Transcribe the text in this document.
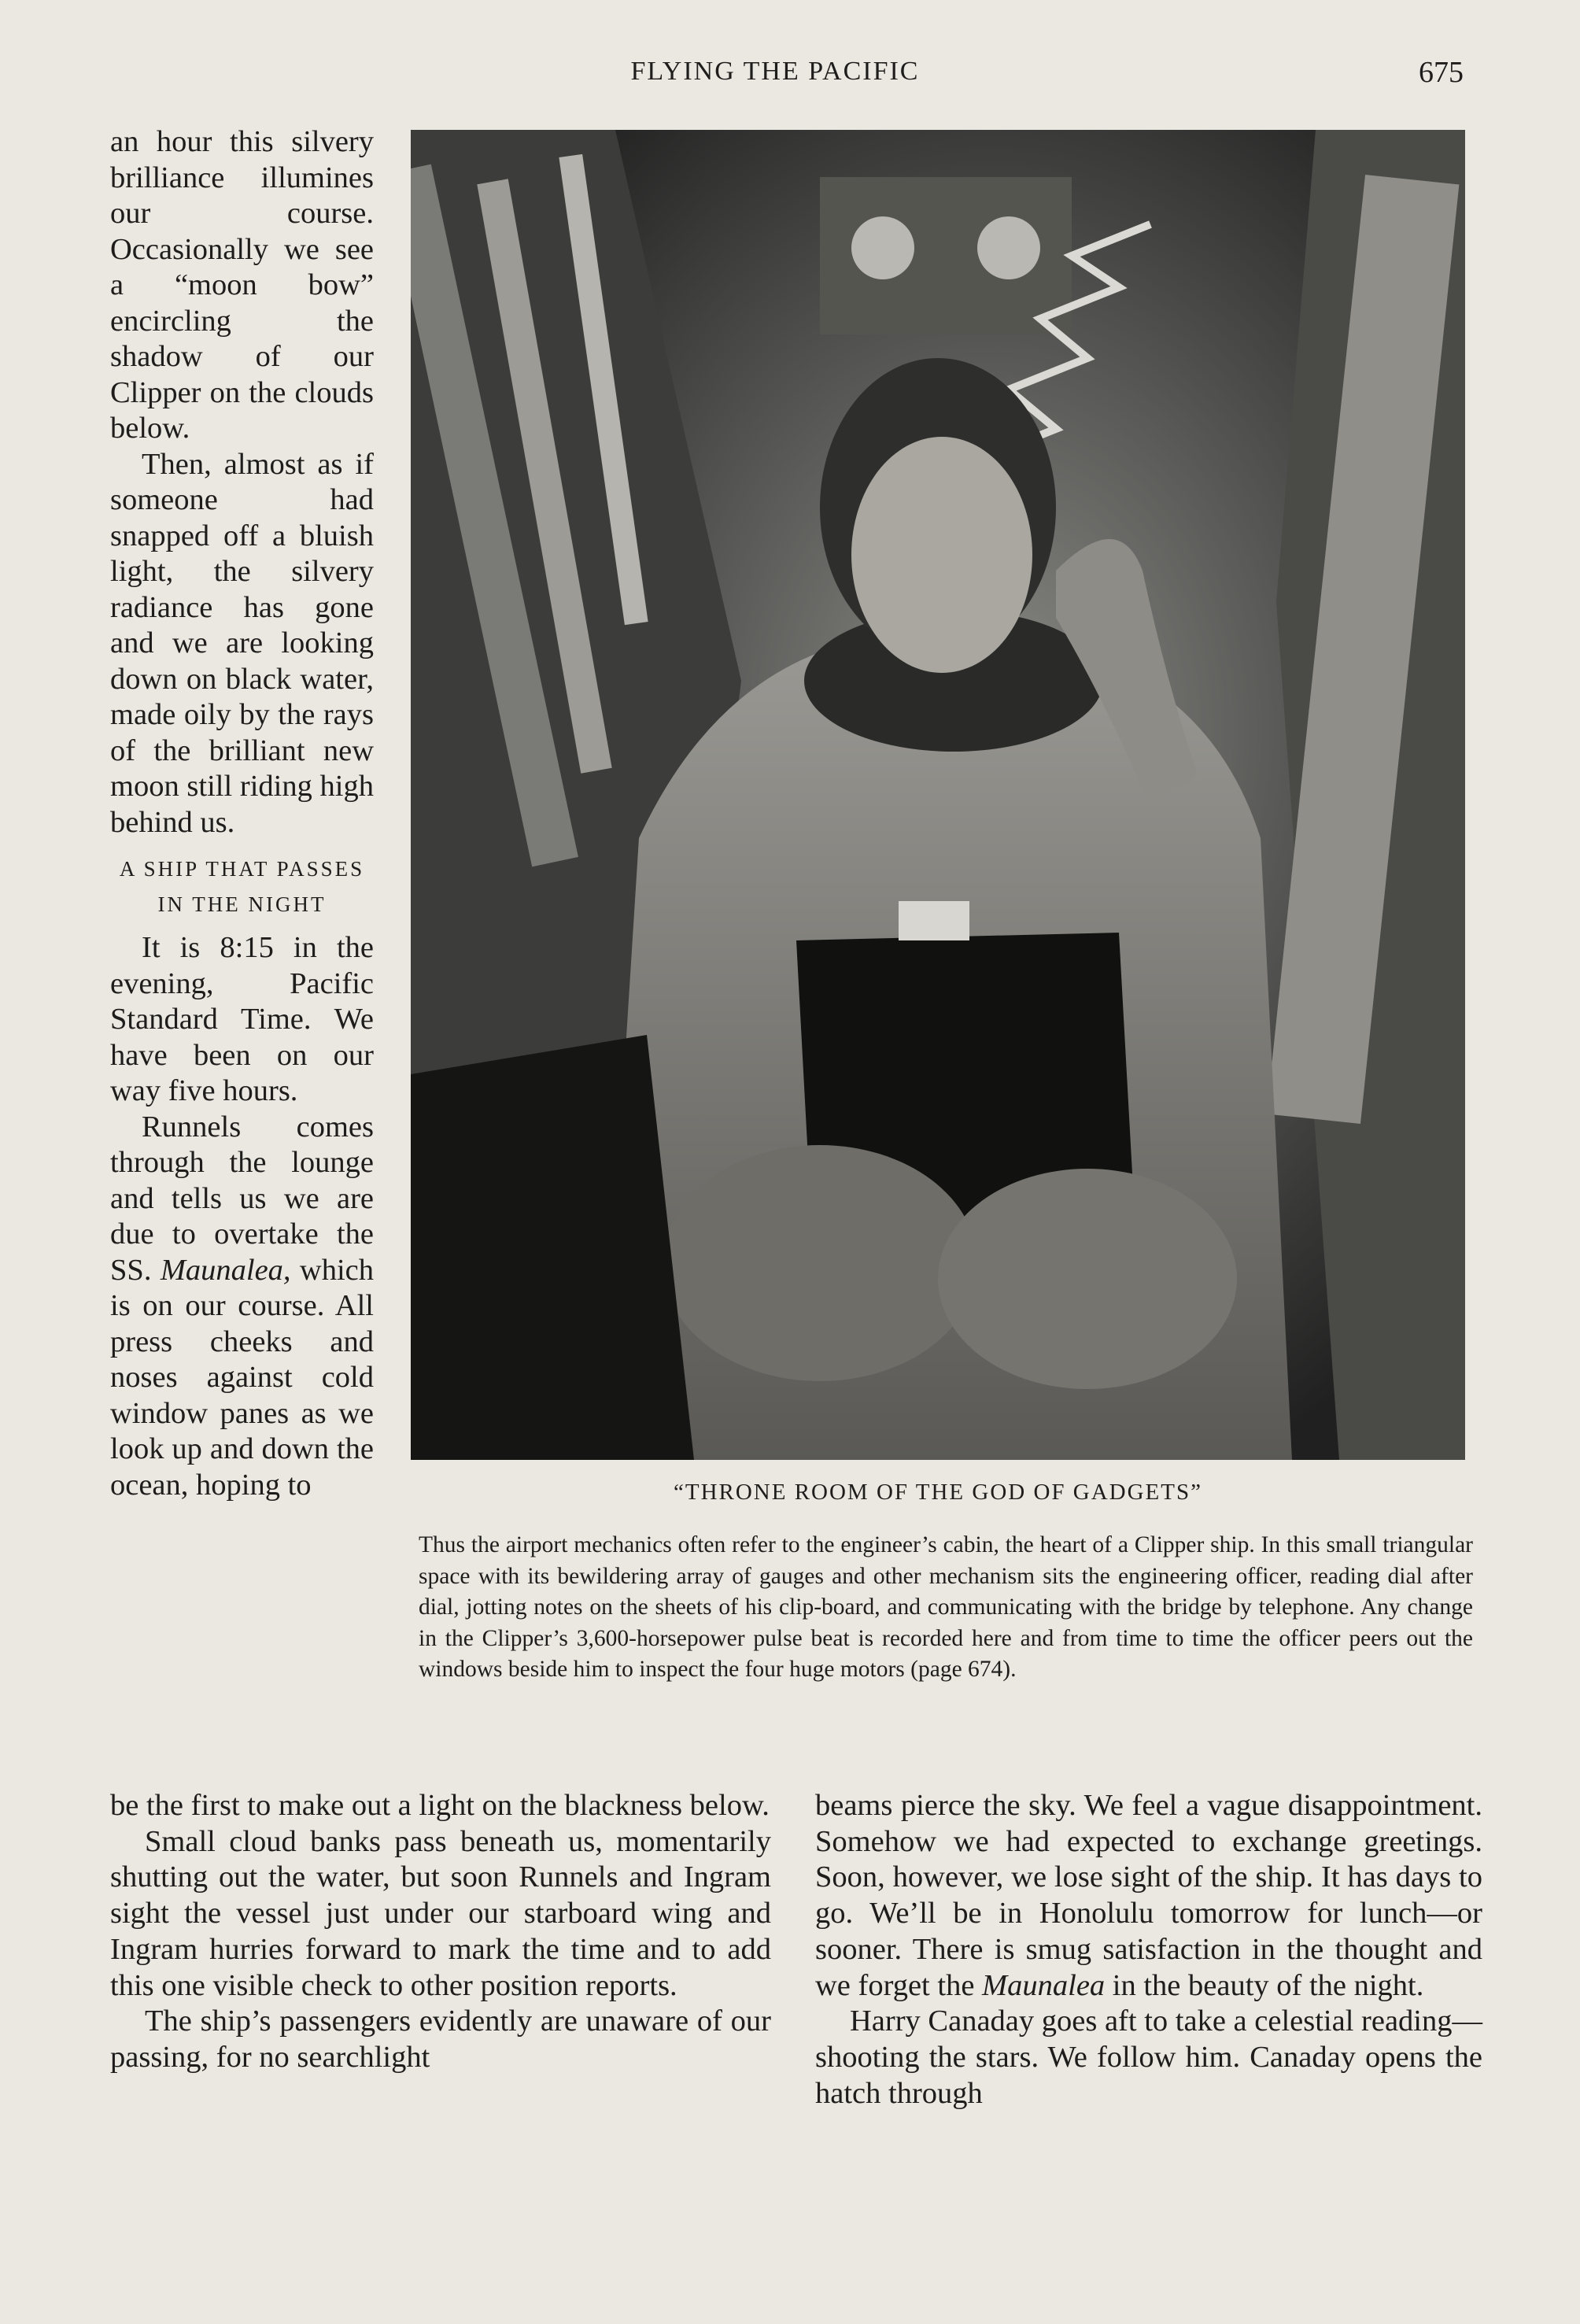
FLYING THE PACIFIC	675

an hour this silvery brilliance illumines our course. Occasionally we see a “moon bow” encircling the shadow of our Clipper on the clouds below.

Then, almost as if someone had snapped off a bluish light, the silvery radiance has gone and we are looking down on black water, made oily by the rays of the brilliant new moon still riding high behind us.

A SHIP THAT PASSES IN THE NIGHT

It is 8:15 in the evening, Pacific Standard Time. We have been on our way five hours.

Runnels comes through the lounge and tells us we are due to overtake the SS. Maunalea, which is on our course. All press cheeks and noses against cold window panes as we look up and down the ocean, hoping to	“THRONE ROOM OF THE GOD OF GADGETS”
Thus the airport mechanics often refer to the engineer’s cabin, the heart of a Clipper ship. In this small triangular space with its bewildering array of gauges and other mechanism sits the engineering officer, reading dial after dial, jotting notes on the sheets of his clip-board, and communicating with the bridge by telephone. Any change in the Clipper’s 3,600-horsepower pulse beat is recorded here and from time to time the officer peers out the windows beside him to inspect the four huge motors (page 674).

be the first to make out a light on the blackness below.

Small cloud banks pass beneath us, momentarily shutting out the water, but soon Runnels and Ingram sight the vessel just under our starboard wing and Ingram hurries forward to mark the time and to add this one visible check to other position reports.

The ship’s passengers evidently are unaware of our passing, for no searchlight

beams pierce the sky. We feel a vague disappointment. Somehow we had expected to exchange greetings. Soon, however, we lose sight of the ship. It has days to go. We’ll be in Honolulu tomorrow for lunch—or sooner. There is smug satisfaction in the thought and we forget the Maunalea in the beauty of the night.

Harry Canaday goes aft to take a celestial reading—shooting the stars. We follow him. Canaday opens the hatch through
